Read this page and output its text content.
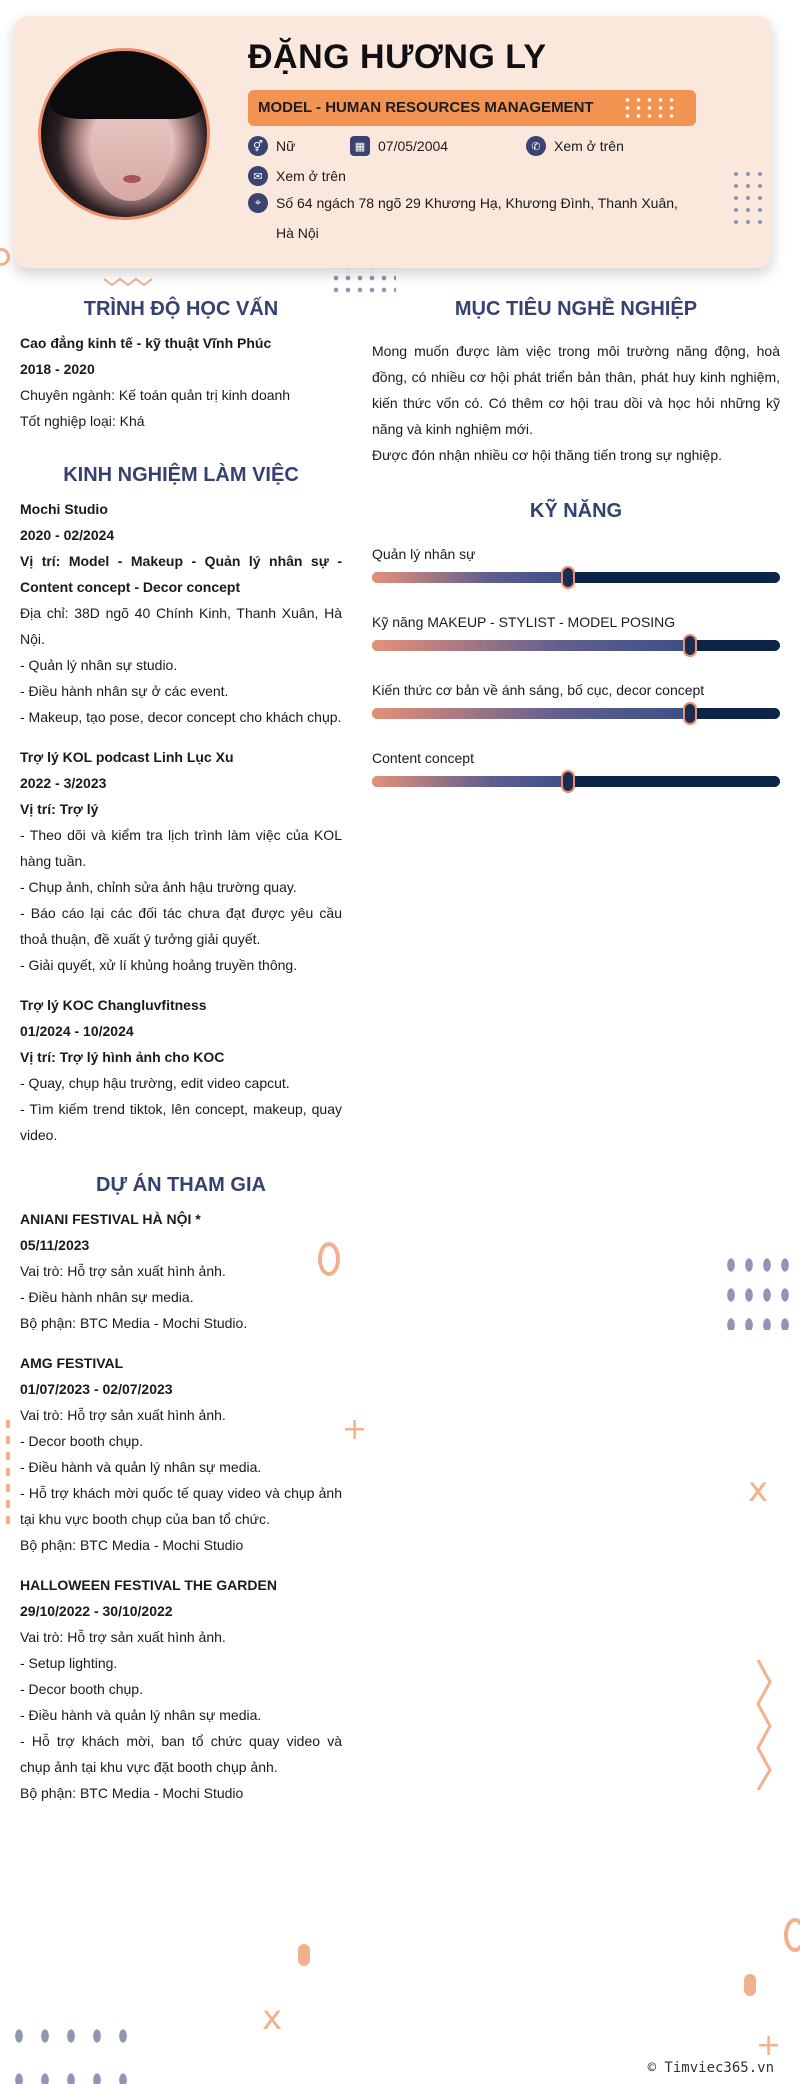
+
x
x
+
ĐẶNG HƯƠNG LY
MODEL - HUMAN RESOURCES MANAGEMENT
⚥ Nữ	▦ 07/05/2004	✆ Xem ở trên
✉ Xem ở trên
⌖	Số 64 ngách 78 ngõ 29 Khương Hạ, Khương Đình, Thanh Xuân, Hà Nội
TRÌNH ĐỘ HỌC VẤN
Cao đẳng kinh tế - kỹ thuật Vĩnh Phúc
2018 - 2020
Chuyên ngành: Kế toán quản trị kinh doanh
Tốt nghiệp loại: Khá
KINH NGHIỆM LÀM VIỆC
Mochi Studio
2020 - 02/2024
Vị trí: Model - Makeup - Quản lý nhân sự - Content concept - Decor concept
Địa chỉ: 38D ngõ 40 Chính Kinh, Thanh Xuân, Hà Nội.
- Quản lý nhân sự studio.
- Điều hành nhân sự ở các event.
- Makeup, tạo pose, decor concept cho khách chụp.
Trợ lý KOL podcast Linh Lục Xu
2022 - 3/2023
Vị trí: Trợ lý
- Theo dõi và kiểm tra lịch trình làm việc của KOL hàng tuần.
- Chụp ảnh, chỉnh sửa ảnh hậu trường quay.
- Báo cáo lại các đối tác chưa đạt được yêu cầu thoả thuận, đề xuất ý tưởng giải quyết.
- Giải quyết, xử lí khủng hoảng truyền thông.
Trợ lý KOC Changluvfitness
01/2024 - 10/2024
Vị trí: Trợ lý hình ảnh cho KOC
- Quay, chụp hậu trường, edit video capcut.
- Tìm kiếm trend tiktok, lên concept, makeup, quay video.
DỰ ÁN THAM GIA
ANIANI FESTIVAL HÀ NỘI *
05/11/2023
Vai trò: Hỗ trợ sản xuất hình ảnh.
- Điều hành nhân sự media.
Bộ phận: BTC Media - Mochi Studio.
AMG FESTIVAL
01/07/2023 - 02/07/2023
Vai trò: Hỗ trợ sản xuất hình ảnh.
- Decor booth chụp.
- Điều hành và quản lý nhân sự media.
- Hỗ trợ khách mời quốc tế quay video và chụp ảnh tại khu vực booth chụp của ban tổ chức.
Bộ phận: BTC Media - Mochi Studio
HALLOWEEN FESTIVAL THE GARDEN
29/10/2022 - 30/10/2022
Vai trò: Hỗ trợ sản xuất hình ảnh.
- Setup lighting.
- Decor booth chụp.
- Điều hành và quản lý nhân sự media.
- Hỗ trợ khách mời, ban tổ chức quay video và chụp ảnh tại khu vực đặt booth chụp ảnh.
Bộ phận: BTC Media - Mochi Studio
MỤC TIÊU NGHỀ NGHIỆP
Mong muốn được làm việc trong môi trường năng động, hoà đồng, có nhiều cơ hội phát triển bản thân, phát huy kinh nghiệm, kiến thức vốn có. Có thêm cơ hội trau dồi và học hỏi những kỹ năng và kinh nghiệm mới.
Được đón nhận nhiều cơ hội thăng tiến trong sự nghiệp.
KỸ NĂNG
Quản lý nhân sự
Kỹ năng MAKEUP - STYLIST - MODEL POSING
Kiến thức cơ bản về ánh sáng, bố cục, decor concept
Content concept
© Timviec365.vn
